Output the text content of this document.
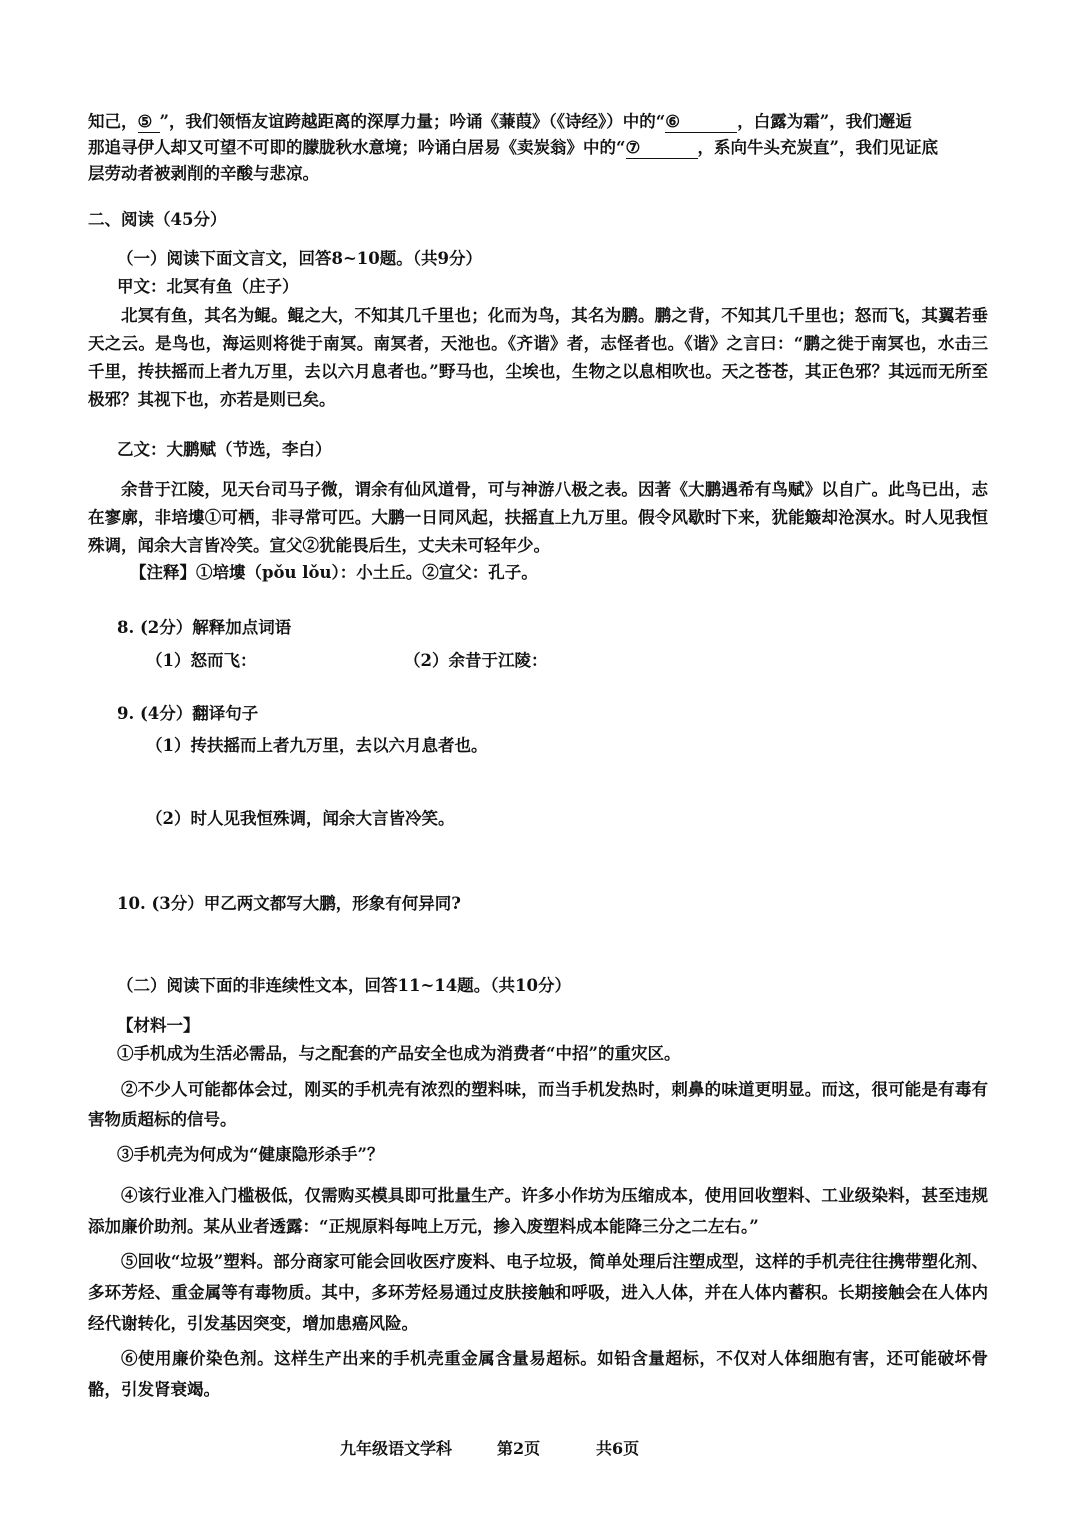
知己，⑤ ”，我们领悟友谊跨越距离的深厚力量；吟诵《蒹葭》（《诗经》）中的“⑥	，白露为霜”，我们邂逅
那追寻伊人却又可望不可即的朦胧秋水意境；吟诵白居易《卖炭翁》中的“⑦	，系向牛头充炭直”，我们见证底
层劳动者被剥削的辛酸与悲凉。
二、阅读（45分）
（一）阅读下面文言文，回答8~10题。（共9分）
甲文：北冥有鱼（庄子）
北冥有鱼，其名为鲲。鲲之大，不知其几千里也；化而为鸟，其名为鹏。鹏之背，不知其几千里也；怒而飞，其翼若垂天之云。是鸟也，海运则将徙于南冥。南冥者，天池也。《齐谐》者，志怪者也。《谐》之言曰：“鹏之徙于南冥也，水击三千里，抟扶摇而上者九万里，去以六月息者也。”野马也，尘埃也，生物之以息相吹也。天之苍苍，其正色邪？其远而无所至极邪？其视下也，亦若是则已矣。
乙文：大鹏赋（节选，李白）
余昔于江陵，见天台司马子微，谓余有仙风道骨，可与神游八极之表。因著《大鹏遇希有鸟赋》以自广。此鸟已出，志在寥廓，非培塿①可栖，非寻常可匹。大鹏一日同风起，扶摇直上九万里。假令风歇时下来，犹能簸却沧溟水。时人见我恒殊调，闻余大言皆冷笑。宣父②犹能畏后生，丈夫未可轻年少。
【注释】①培塿（pǒu lǒu）：小土丘。②宣父：孔子。
8. (2分）解释加点词语
（1）怒而飞：	（2）余昔于江陵：
9. (4分）翻译句子
（1）抟扶摇而上者九万里，去以六月息者也。
（2）时人见我恒殊调，闻余大言皆冷笑。
10. (3分）甲乙两文都写大鹏，形象有何异同?
（二）阅读下面的非连续性文本，回答11~14题。（共10分）
【材料一】
①手机成为生活必需品，与之配套的产品安全也成为消费者“中招”的重灾区。
②不少人可能都体会过，刚买的手机壳有浓烈的塑料味，而当手机发热时，刺鼻的味道更明显。而这，很可能是有毒有害物质超标的信号。
③手机壳为何成为“健康隐形杀手”？
④该行业准入门槛极低，仅需购买模具即可批量生产。许多小作坊为压缩成本，使用回收塑料、工业级染料，甚至违规添加廉价助剂。某从业者透露：“正规原料每吨上万元，掺入废塑料成本能降三分之二左右。”
⑤回收“垃圾”塑料。部分商家可能会回收医疗废料、电子垃圾，简单处理后注塑成型，这样的手机壳往往携带塑化剂、多环芳烃、重金属等有毒物质。其中，多环芳烃易通过皮肤接触和呼吸，进入人体，并在人体内蓄积。长期接触会在人体内经代谢转化，引发基因突变，增加患癌风险。
⑥使用廉价染色剂。这样生产出来的手机壳重金属含量易超标。如铅含量超标，不仅对人体细胞有害，还可能破坏骨骼，引发肾衰竭。
九年级语文学科	第2页	共6页
